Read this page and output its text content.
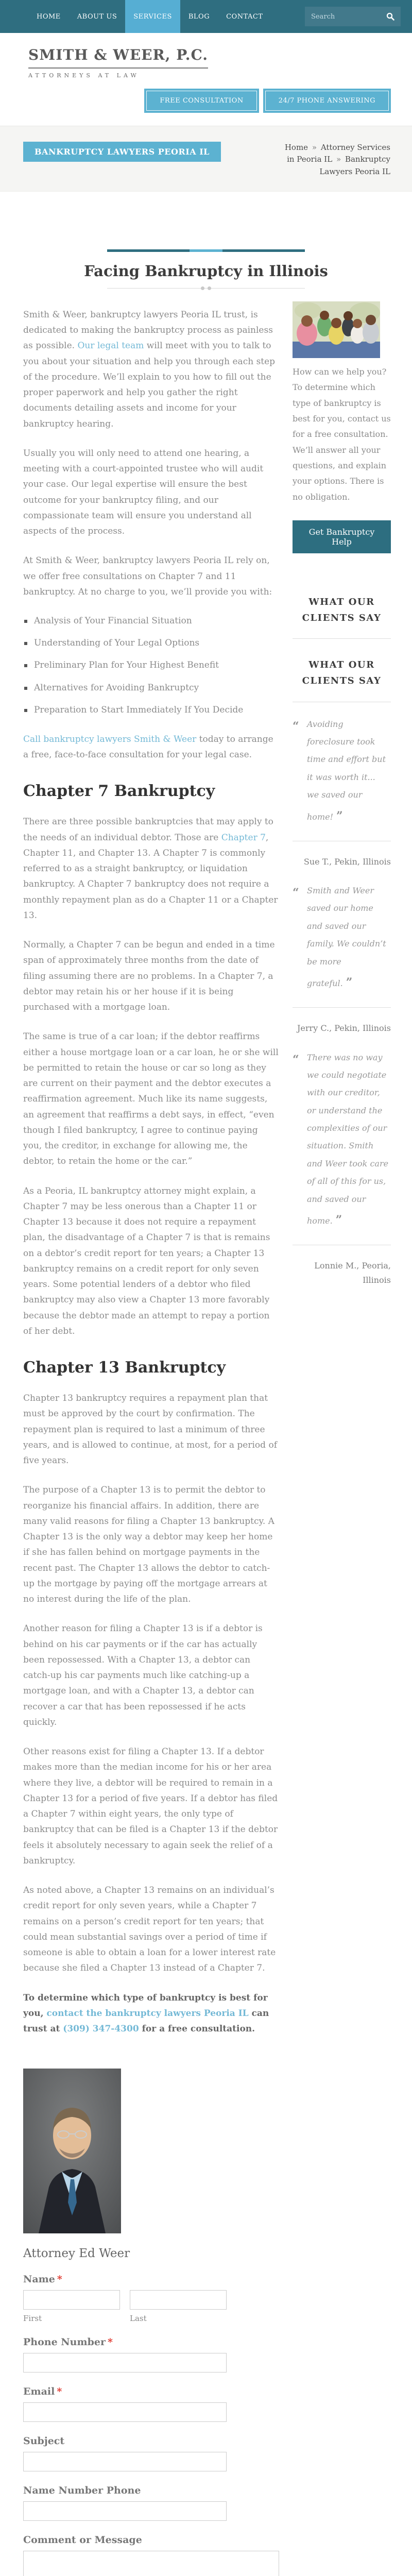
HOME	ABOUT US	SERVICES	BLOG	CONTACT
Search
SMITH & WEER, P.C.
ATTORNEYS AT LAW
FREE CONSULTATION	24/7 PHONE ANSWERING
BANKRUPTCY LAWYERS PEORIA IL	Home » Attorney Services in Peoria IL » Bankruptcy Lawyers Peoria IL
Facing Bankruptcy in Illinois

Smith & Weer, bankruptcy lawyers Peoria IL trust, is dedicated to making the bankruptcy process as painless as possible. Our legal team will meet with you to talk to you about your situation and help you through each step of the procedure. We’ll explain to you how to fill out the proper paperwork and help you gather the right documents detailing assets and income for your bankruptcy hearing.

Usually you will only need to attend one hearing, a meeting with a court-appointed trustee who will audit your case. Our legal expertise will ensure the best outcome for your bankruptcy filing, and our compassionate team will ensure you understand all aspects of the process.

At Smith & Weer, bankruptcy lawyers Peoria IL rely on, we offer free consultations on Chapter 7 and 11 bankruptcy. At no charge to you, we’ll provide you with:

Analysis of Your Financial Situation
Understanding of Your Legal Options
Preliminary Plan for Your Highest Benefit
Alternatives for Avoiding Bankruptcy
Preparation to Start Immediately If You Decide

Call bankruptcy lawyers Smith & Weer today to arrange a free, face-to-face consultation for your legal case.

Chapter 7 Bankruptcy

There are three possible bankruptcies that may apply to the needs of an individual debtor. Those are Chapter 7, Chapter 11, and Chapter 13. A Chapter 7 is commonly referred to as a straight bankruptcy, or liquidation bankruptcy. A Chapter 7 bankruptcy does not require a monthly repayment plan as do a Chapter 11 or a Chapter 13.

Normally, a Chapter 7 can be begun and ended in a time span of approximately three months from the date of filing assuming there are no problems. In a Chapter 7, a debtor may retain his or her house if it is being purchased with a mortgage loan.

The same is true of a car loan; if the debtor reaffirms either a house mortgage loan or a car loan, he or she will be permitted to retain the house or car so long as they are current on their payment and the debtor executes a reaffirmation agreement. Much like its name suggests, an agreement that reaffirms a debt says, in effect, “even though I filed bankruptcy, I agree to continue paying you, the creditor, in exchange for allowing me, the debtor, to retain the home or the car.”

As a Peoria, IL bankruptcy attorney might explain, a Chapter 7 may be less onerous than a Chapter 11 or Chapter 13 because it does not require a repayment plan, the disadvantage of a Chapter 7 is that is remains on a debtor’s credit report for ten years; a Chapter 13 bankruptcy remains on a credit report for only seven years. Some potential lenders of a debtor who filed bankruptcy may also view a Chapter 13 more favorably because the debtor made an attempt to repay a portion of her debt.

Chapter 13 Bankruptcy

Chapter 13 bankruptcy requires a repayment plan that must be approved by the court by confirmation. The repayment plan is required to last a minimum of three years, and is allowed to continue, at most, for a period of five years.

The purpose of a Chapter 13 is to permit the debtor to reorganize his financial affairs. In addition, there are many valid reasons for filing a Chapter 13 bankruptcy. A Chapter 13 is the only way a debtor may keep her home if she has fallen behind on mortgage payments in the recent past. The Chapter 13 allows the debtor to catch-up the mortgage by paying off the mortgage arrears at no interest during the life of the plan.

Another reason for filing a Chapter 13 is if a debtor is behind on his car payments or if the car has actually been repossessed. With a Chapter 13, a debtor can catch-up his car payments much like catching-up a mortgage loan, and with a Chapter 13, a debtor can recover a car that has been repossessed if he acts quickly.

Other reasons exist for filing a Chapter 13. If a debtor makes more than the median income for his or her area where they live, a debtor will be required to remain in a Chapter 13 for a period of five years. If a debtor has filed a Chapter 7 within eight years, the only type of bankruptcy that can be filed is a Chapter 13 if the debtor feels it absolutely necessary to again seek the relief of a bankruptcy.

As noted above, a Chapter 13 remains on an individual’s credit report for only seven years, while a Chapter 7 remains on a person’s credit report for ten years; that could mean substantial savings over a period of time if someone is able to obtain a loan for a lower interest rate because she filed a Chapter 13 instead of a Chapter 7.

To determine which type of bankruptcy is best for you, contact the bankruptcy lawyers Peoria IL can trust at (309) 347-4300 for a free consultation.

Attorney Ed Weer
Name *
First	Last
Phone Number *
Email *
Subject
Name Number Phone
Comment or Message

How can we help you? To determine which type of bankruptcy is best for you, contact us for a free consultation. We’ll answer all your questions, and explain your options. There is no obligation.

Get Bankruptcy Help
WHAT OUR CLIENTS SAY
WHAT OUR CLIENTS SAY
“ Avoiding foreclosure took time and effort but it was worth it... we saved our home! ”
Sue T., Pekin, Illinois
“ Smith and Weer saved our home and saved our family. We couldn’t be more grateful. ”
Jerry C., Pekin, Illinois
“ There was no way we could negotiate with our creditor, or understand the complexities of our situation. Smith and Weer took care of all of this for us, and saved our home. ”
Lonnie M., Peoria, Illinois
